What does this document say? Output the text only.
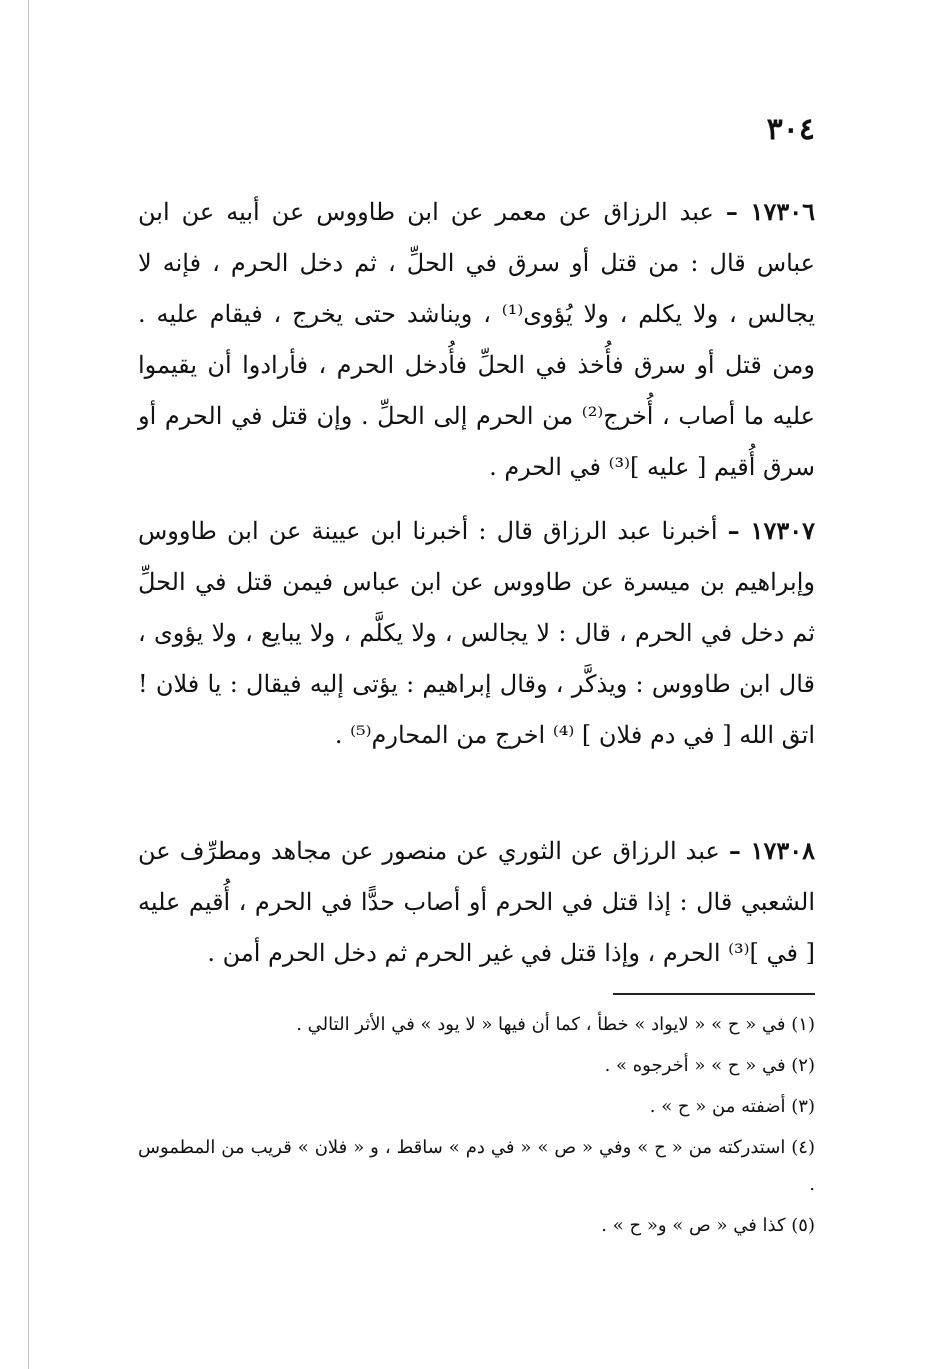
٣٠٤

١٧٣٠٦ – عبد الرزاق عن معمر عن ابن طاووس عن أبيه عن ابن عباس قال : من قتل أو سرق في الحلِّ ، ثم دخل الحرم ، فإنه لا يجالس ، ولا يكلم ، ولا يُؤوى⁽¹⁾ ، ويناشد حتى يخرج ، فيقام عليه . ومن قتل أو سرق فأُخذ في الحلِّ فأُدخل الحرم ، فأرادوا أن يقيموا عليه ما أصاب ، أُخرج⁽²⁾ من الحرم إلى الحلِّ . وإن قتل في الحرم أو سرق أُقيم [ عليه ]⁽³⁾ في الحرم .

١٧٣٠٧ – أخبرنا عبد الرزاق قال : أخبرنا ابن عيينة عن ابن طاووس وإبراهيم بن ميسرة عن طاووس عن ابن عباس فيمن قتل في الحلِّ ثم دخل في الحرم ، قال : لا يجالس ، ولا يكلَّم ، ولا يبايع ، ولا يؤوى ، قال ابن طاووس : ويذكَّر ، وقال إبراهيم : يؤتى إليه فيقال : يا فلان ! اتق الله [ في دم فلان ] ⁽⁴⁾ اخرج من المحارم⁽⁵⁾ .

١٧٣٠٨ – عبد الرزاق عن الثوري عن منصور عن مجاهد ومطرِّف عن الشعبي قال : إذا قتل في الحرم أو أصاب حدًّا في الحرم ، أُقيم عليه [ في ]⁽³⁾ الحرم ، وإذا قتل في غير الحرم ثم دخل الحرم أمن .

(١) في « ح » « لايواد » خطأ ، كما أن فيها « لا يود » في الأثر التالي .
(٢) في « ح » « أخرجوه » .
(٣) أضفته من « ح » .
(٤) استدركته من « ح » وفي « ص » « في دم » ساقط ، و « فلان » قريب من المطموس .
(٥) كذا في « ص » و« ح » .
